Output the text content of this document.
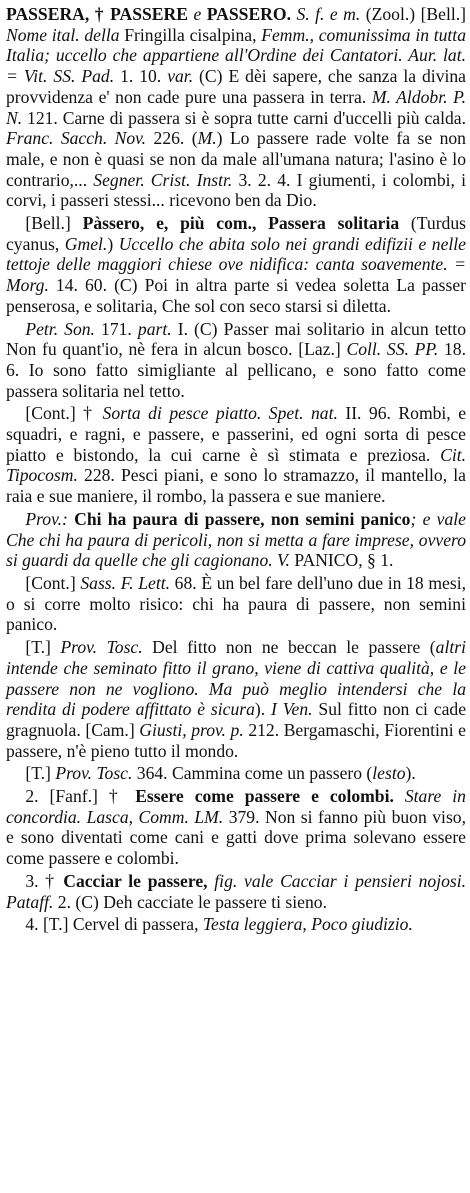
PASSERA, † PASSERE e PASSERO. S. f. e m. (Zool.) [Bell.] Nome ital. della Fringilla cisalpina, Femm., comunissima in tutta Italia; uccello che appartiene all'Ordine dei Cantatori. Aur. lat. = Vit. SS. Pad. 1. 10. var. (C) E dèi sapere, che sanza la divina provvidenza e' non cade pure una passera in terra. M. Aldobr. P. N. 121. Carne di passera si è sopra tutte carni d'uccelli più calda. Franc. Sacch. Nov. 226. (M.) Lo passere rade volte fa se non male, e non è quasi se non da male all'umana natura; l'asino è lo contrario,... Segner. Crist. Instr. 3. 2. 4. I giumenti, i colombi, i corvi, i passeri stessi... ricevono ben da Dio.

[Bell.] Pàssero, e, più com., Passera solitaria (Turdus cyanus, Gmel.) Uccello che abita solo nei grandi edifizii e nelle tettoje delle maggiori chiese ove nidifica: canta soavemente. = Morg. 14. 60. (C) Poi in altra parte si vedea soletta La passer penserosa, e solitaria, Che sol con seco starsi si diletta.

Petr. Son. 171. part. I. (C) Passer mai solitario in alcun tetto Non fu quant'io, nè fera in alcun bosco. [Laz.] Coll. SS. PP. 18. 6. Io sono fatto simigliante al pellicano, e sono fatto come passera solitaria nel tetto.

[Cont.] † Sorta di pesce piatto. Spet. nat. II. 96. Rombi, e squadri, e ragni, e passere, e passerini, ed ogni sorta di pesce piatto e bistondo, la cui carne è sì stimata e preziosa. Cit. Tipocosm. 228. Pesci piani, e sono lo stramazzo, il mantello, la raia e sue maniere, il rombo, la passera e sue maniere.

Prov.: Chi ha paura di passere, non semini panico; e vale Che chi ha paura di pericoli, non si metta a fare imprese, ovvero si guardi da quelle che gli cagionano. V. PANICO, § 1.

[Cont.] Sass. F. Lett. 68. È un bel fare dell'uno due in 18 mesi, o si corre molto risico: chi ha paura di passere, non semini panico.

[T.] Prov. Tosc. Del fitto non ne beccan le passere (altri intende che seminato fitto il grano, viene di cattiva qualità, e le passere non ne vogliono. Ma può meglio intendersi che la rendita di podere affittato è sicura). I Ven. Sul fitto non ci cade gragnuola. [Cam.] Giusti, prov. p. 212. Bergamaschi, Fiorentini e passere, n'è pieno tutto il mondo.

[T.] Prov. Tosc. 364. Cammina come un passero (lesto).

2. [Fanf.] † Essere come passere e colombi. Stare in concordia. Lasca, Comm. LM. 379. Non si fanno più buon viso, e sono diventati come cani e gatti dove prima solevano essere come passere e colombi.

3. † Cacciar le passere, fig. vale Cacciar i pensieri nojosi. Pataff. 2. (C) Deh cacciate le passere ti sieno.

4. [T.] Cervel di passera, Testa leggiera, Poco giudizio.
